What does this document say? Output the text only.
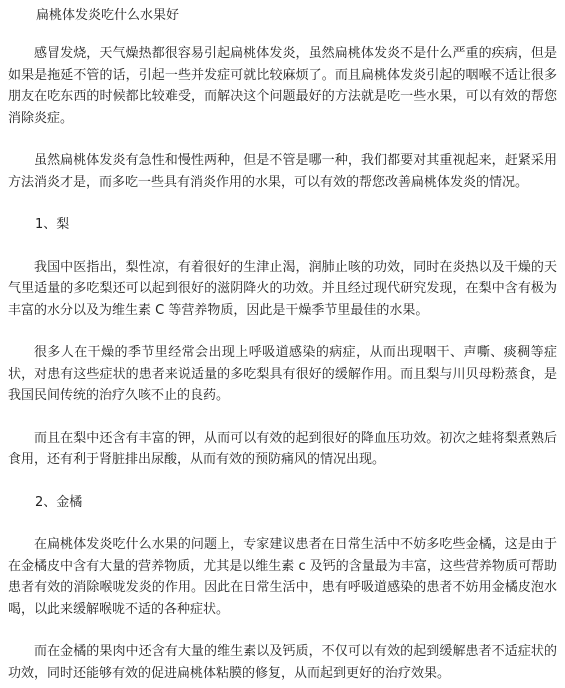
扁桃体发炎吃什么水果好

感冒发烧，天气燥热都很容易引起扁桃体发炎，虽然扁桃体发炎不是什么严重的疾病，但是如果是拖延不管的话，引起一些并发症可就比较麻烦了。而且扁桃体发炎引起的咽喉不适让很多朋友在吃东西的时候都比较难受，而解决这个问题最好的方法就是吃一些水果，可以有效的帮您消除炎症。

虽然扁桃体发炎有急性和慢性两种，但是不管是哪一种，我们都要对其重视起来，赶紧采用方法消炎才是，而多吃一些具有消炎作用的水果，可以有效的帮您改善扁桃体发炎的情况。

1、梨

我国中医指出，梨性凉，有着很好的生津止渴，润肺止咳的功效，同时在炎热以及干燥的天气里适量的多吃梨还可以起到很好的滋阴降火的功效。并且经过现代研究发现，在梨中含有极为丰富的水分以及为维生素 C 等营养物质，因此是干燥季节里最佳的水果。

很多人在干燥的季节里经常会出现上呼吸道感染的病症，从而出现咽干、声嘶、痰稠等症状，对患有这些症状的患者来说适量的多吃梨具有很好的缓解作用。而且梨与川贝母粉蒸食，是我国民间传统的治疗久咳不止的良药。

而且在梨中还含有丰富的钾，从而可以有效的起到很好的降血压功效。初次之蛙将梨煮熟后食用，还有利于肾脏排出尿酸，从而有效的预防痛风的情况出现。

2、金橘

在扁桃体发炎吃什么水果的问题上，专家建议患者在日常生活中不妨多吃些金橘，这是由于在金橘皮中含有大量的营养物质，尤其是以维生素 c 及钙的含量最为丰富，这些营养物质可帮助患者有效的消除喉咙发炎的作用。因此在日常生活中，患有呼吸道感染的患者不妨用金橘皮泡水喝，以此来缓解喉咙不适的各种症状。

而在金橘的果肉中还含有大量的维生素以及钙质，不仅可以有效的起到缓解患者不适症状的功效，同时还能够有效的促进扁桃体粘膜的修复，从而起到更好的治疗效果。
